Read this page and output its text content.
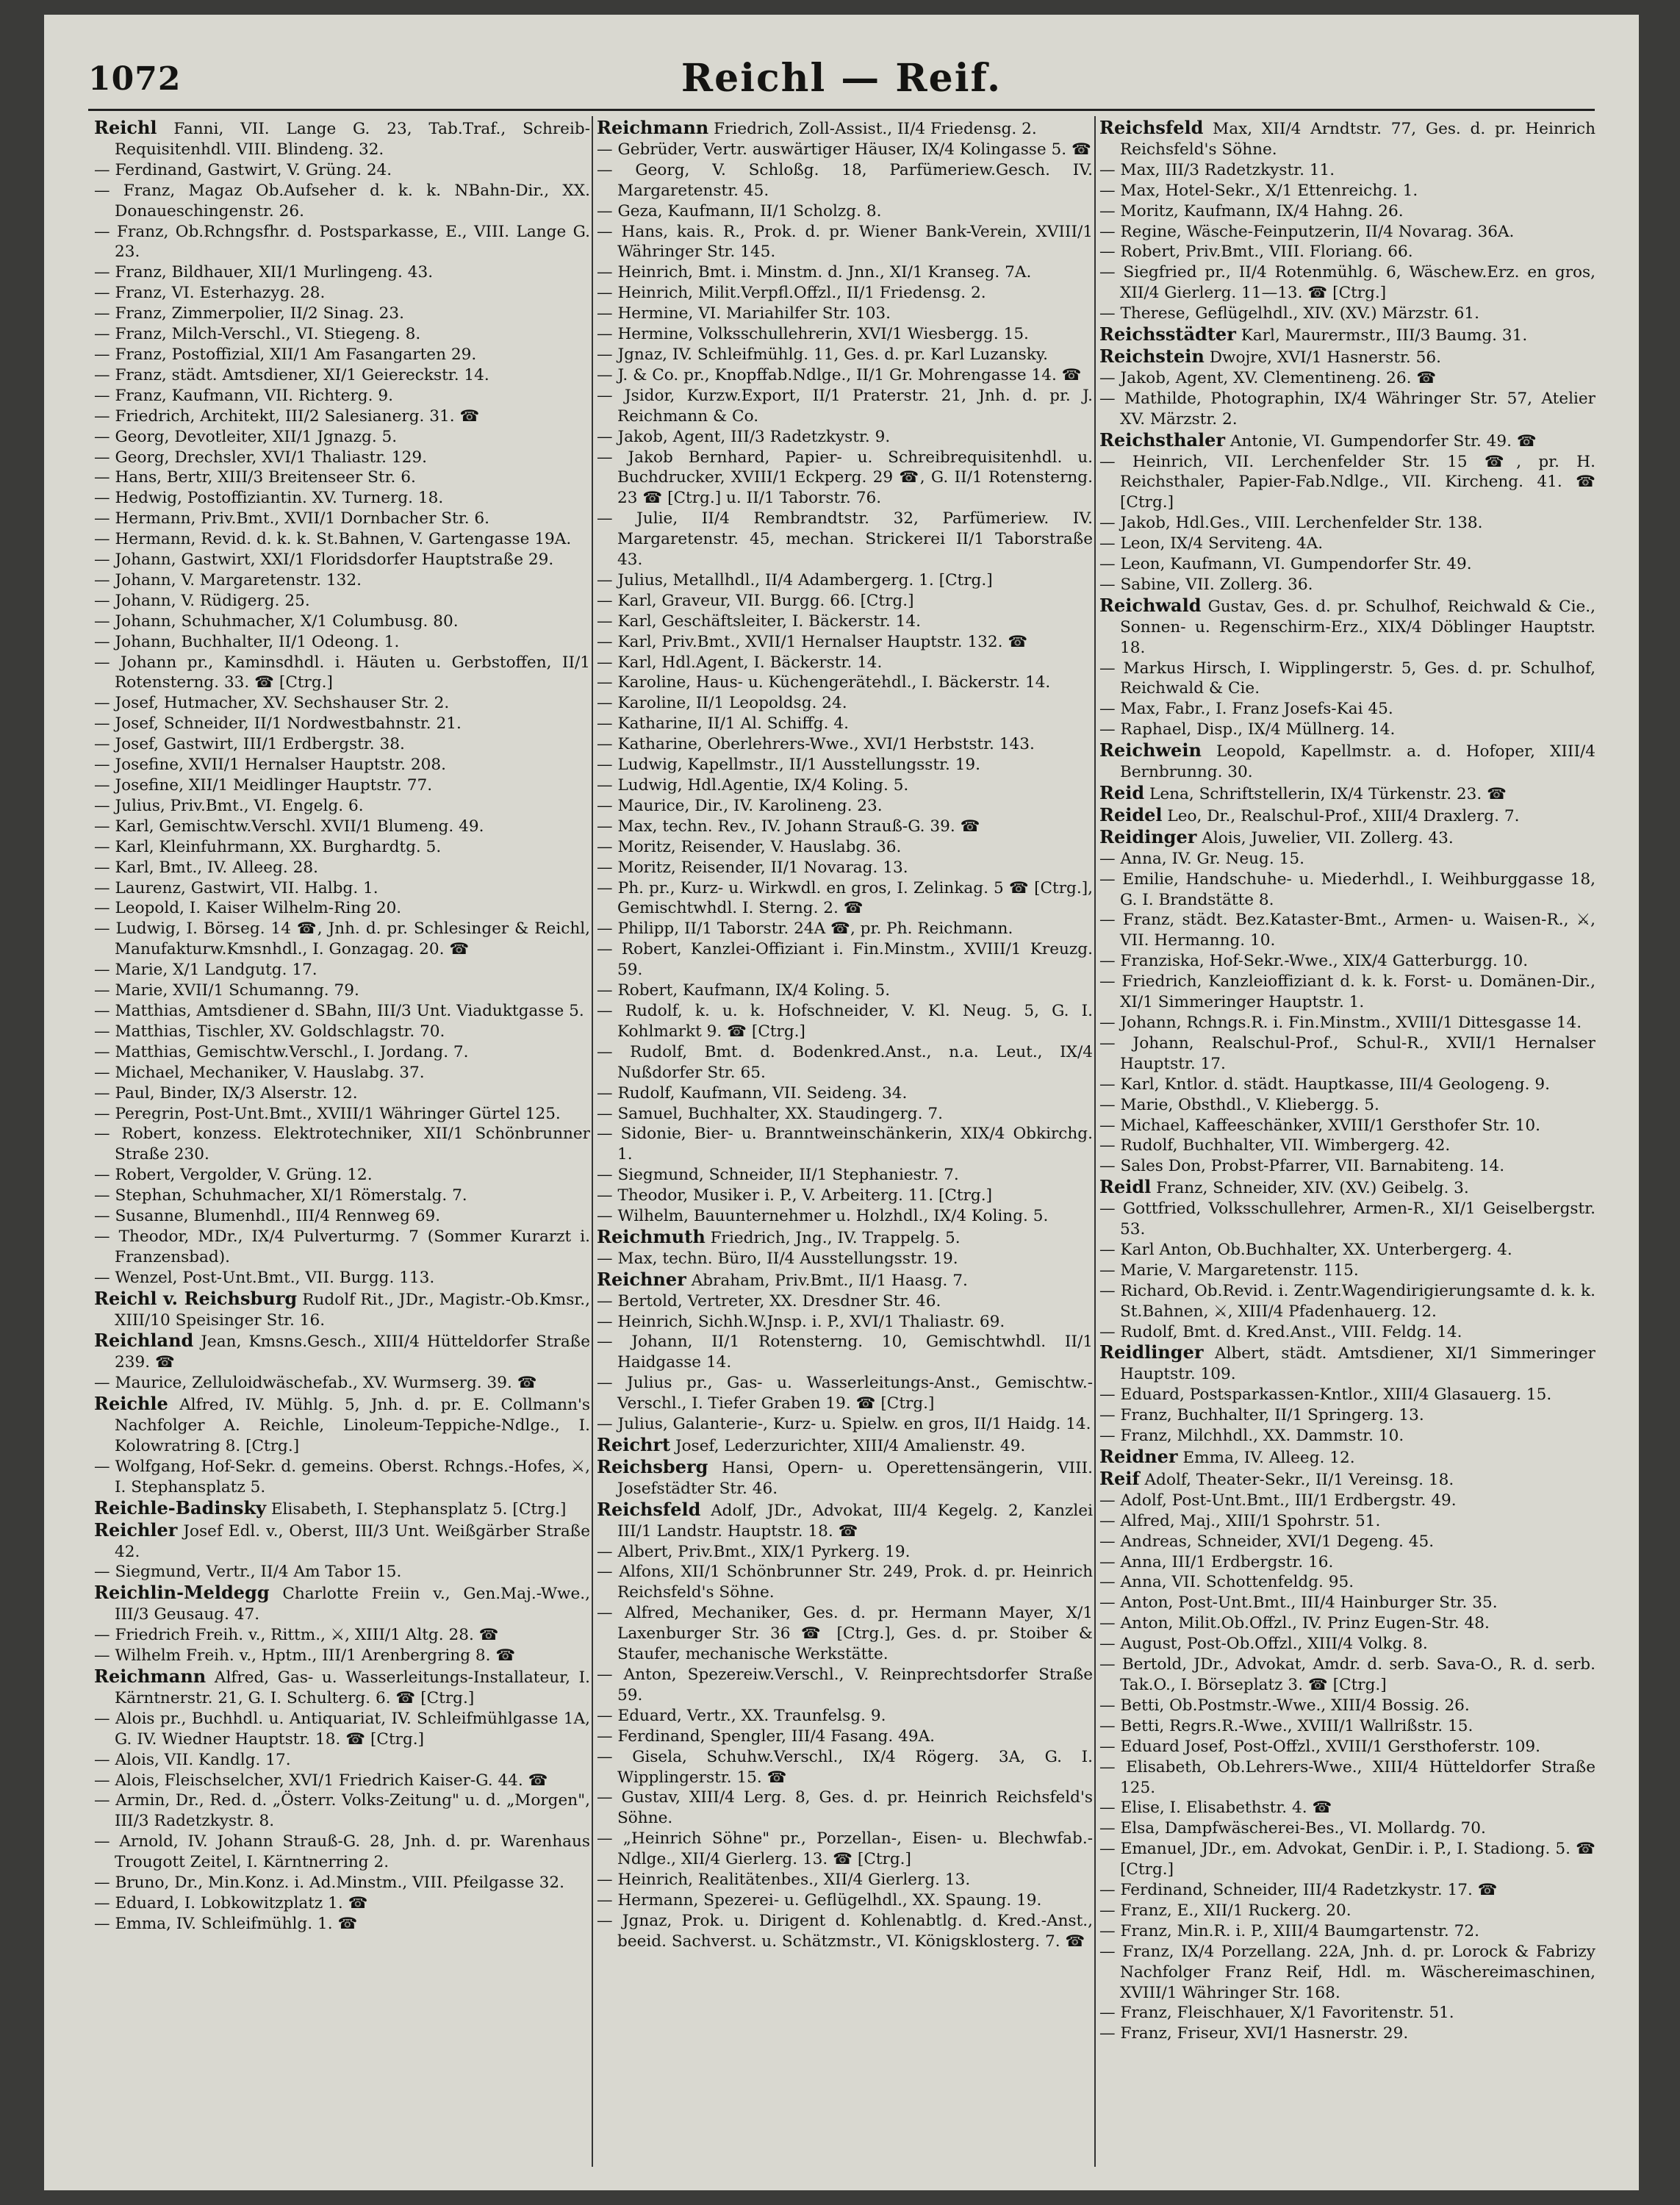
1072	Reichl — Reif.

Reichl Fanni, VII. Lange G. 23, Tab.Traf., Schreib-Requisitenhdl. VIII. Blindeng. 32.

— Ferdinand, Gastwirt, V. Grüng. 24.

— Franz, Magaz Ob.Aufseher d. k. k. NBahn-Dir., XX. Donaueschingenstr. 26.

— Franz, Ob.Rchngsfhr. d. Postsparkasse, E., VIII. Lange G. 23.

— Franz, Bildhauer, XII/1 Murlingeng. 43.

— Franz, VI. Esterhazyg. 28.

— Franz, Zimmerpolier, II/2 Sinag. 23.

— Franz, Milch-Verschl., VI. Stiegeng. 8.

— Franz, Postoffizial, XII/1 Am Fasangarten 29.

— Franz, städt. Amtsdiener, XI/1 Geiereckstr. 14.

— Franz, Kaufmann, VII. Richterg. 9.

— Friedrich, Architekt, III/2 Salesianerg. 31. ☎

— Georg, Devotleiter, XII/1 Jgnazg. 5.

— Georg, Drechsler, XVI/1 Thaliastr. 129.

— Hans, Bertr, XIII/3 Breitenseer Str. 6.

— Hedwig, Postoffiziantin. XV. Turnerg. 18.

— Hermann, Priv.Bmt., XVII/1 Dornbacher Str. 6.

— Hermann, Revid. d. k. k. St.Bahnen, V. Gartengasse 19A.

— Johann, Gastwirt, XXI/1 Floridsdorfer Hauptstraße 29.

— Johann, V. Margaretenstr. 132.

— Johann, V. Rüdigerg. 25.

— Johann, Schuhmacher, X/1 Columbusg. 80.

— Johann, Buchhalter, II/1 Odeong. 1.

— Johann pr., Kaminsdhdl. i. Häuten u. Gerbstoffen, II/1 Rotensterng. 33. ☎ [Ctrg.]

— Josef, Hutmacher, XV. Sechshauser Str. 2.

— Josef, Schneider, II/1 Nordwestbahnstr. 21.

— Josef, Gastwirt, III/1 Erdbergstr. 38.

— Josefine, XVII/1 Hernalser Hauptstr. 208.

— Josefine, XII/1 Meidlinger Hauptstr. 77.

— Julius, Priv.Bmt., VI. Engelg. 6.

— Karl, Gemischtw.Verschl. XVII/1 Blumeng. 49.

— Karl, Kleinfuhrmann, XX. Burghardtg. 5.

— Karl, Bmt., IV. Alleeg. 28.

— Laurenz, Gastwirt, VII. Halbg. 1.

— Leopold, I. Kaiser Wilhelm-Ring 20.

— Ludwig, I. Börseg. 14 ☎, Jnh. d. pr. Schlesinger & Reichl, Manufakturw.Kmsnhdl., I. Gonzagag. 20. ☎

— Marie, X/1 Landgutg. 17.

— Marie, XVII/1 Schumanng. 79.

— Matthias, Amtsdiener d. SBahn, III/3 Unt. Viaduktgasse 5.

— Matthias, Tischler, XV. Goldschlagstr. 70.

— Matthias, Gemischtw.Verschl., I. Jordang. 7.

— Michael, Mechaniker, V. Hauslabg. 37.

— Paul, Binder, IX/3 Alserstr. 12.

— Peregrin, Post-Unt.Bmt., XVIII/1 Währinger Gürtel 125.

— Robert, konzess. Elektrotechniker, XII/1 Schönbrunner Straße 230.

— Robert, Vergolder, V. Grüng. 12.

— Stephan, Schuhmacher, XI/1 Römerstalg. 7.

— Susanne, Blumenhdl., III/4 Rennweg 69.

— Theodor, MDr., IX/4 Pulverturmg. 7 (Sommer Kurarzt i. Franzensbad).

— Wenzel, Post-Unt.Bmt., VII. Burgg. 113.

Reichl v. Reichsburg Rudolf Rit., JDr., Magistr.-Ob.Kmsr., XIII/10 Speisinger Str. 16.

Reichland Jean, Kmsns.Gesch., XIII/4 Hütteldorfer Straße 239. ☎

— Maurice, Zelluloidwäschefab., XV. Wurmserg. 39. ☎

Reichle Alfred, IV. Mühlg. 5, Jnh. d. pr. E. Collmann's Nachfolger A. Reichle, Linoleum-Teppiche-Ndlge., I. Kolowratring 8. [Ctrg.]

— Wolfgang, Hof-Sekr. d. gemeins. Oberst. Rchngs.-Hofes, ⚔, I. Stephansplatz 5.

Reichle-Badinsky Elisabeth, I. Stephansplatz 5. [Ctrg.]

Reichler Josef Edl. v., Oberst, III/3 Unt. Weißgärber Straße 42.

— Siegmund, Vertr., II/4 Am Tabor 15.

Reichlin-Meldegg Charlotte Freiin v., Gen.Maj.-Wwe., III/3 Geusaug. 47.

— Friedrich Freih. v., Rittm., ⚔, XIII/1 Altg. 28. ☎

— Wilhelm Freih. v., Hptm., III/1 Arenbergring 8. ☎

Reichmann Alfred, Gas- u. Wasserleitungs-Installateur, I. Kärntnerstr. 21, G. I. Schulterg. 6. ☎ [Ctrg.]

— Alois pr., Buchhdl. u. Antiquariat, IV. Schleifmühlgasse 1A, G. IV. Wiedner Hauptstr. 18. ☎ [Ctrg.]

— Alois, VII. Kandlg. 17.

— Alois, Fleischselcher, XVI/1 Friedrich Kaiser-G. 44. ☎

— Armin, Dr., Red. d. „Österr. Volks-Zeitung" u. d. „Morgen", III/3 Radetzkystr. 8.

— Arnold, IV. Johann Strauß-G. 28, Jnh. d. pr. Warenhaus Trougott Zeitel, I. Kärntnerring 2.

— Bruno, Dr., Min.Konz. i. Ad.Minstm., VIII. Pfeilgasse 32.

— Eduard, I. Lobkowitzplatz 1. ☎

— Emma, IV. Schleifmühlg. 1. ☎

Reichmann Friedrich, Zoll-Assist., II/4 Friedensg. 2.

— Gebrüder, Vertr. auswärtiger Häuser, IX/4 Kolingasse 5. ☎

— Georg, V. Schloßg. 18, Parfümeriew.Gesch. IV. Margaretenstr. 45.

— Geza, Kaufmann, II/1 Scholzg. 8.

— Hans, kais. R., Prok. d. pr. Wiener Bank-Verein, XVIII/1 Währinger Str. 145.

— Heinrich, Bmt. i. Minstm. d. Jnn., XI/1 Kranseg. 7A.

— Heinrich, Milit.Verpfl.Offzl., II/1 Friedensg. 2.

— Hermine, VI. Mariahilfer Str. 103.

— Hermine, Volksschullehrerin, XVI/1 Wiesbergg. 15.

— Jgnaz, IV. Schleifmühlg. 11, Ges. d. pr. Karl Luzansky.

— J. & Co. pr., Knopffab.Ndlge., II/1 Gr. Mohrengasse 14. ☎

— Jsidor, Kurzw.Export, II/1 Praterstr. 21, Jnh. d. pr. J. Reichmann & Co.

— Jakob, Agent, III/3 Radetzkystr. 9.

— Jakob Bernhard, Papier- u. Schreibrequisitenhdl. u. Buchdrucker, XVIII/1 Eckperg. 29 ☎, G. II/1 Rotensterng. 23 ☎ [Ctrg.] u. II/1 Taborstr. 76.

— Julie, II/4 Rembrandtstr. 32, Parfümeriew. IV. Margaretenstr. 45, mechan. Strickerei II/1 Taborstraße 43.

— Julius, Metallhdl., II/4 Adambergerg. 1. [Ctrg.]

— Karl, Graveur, VII. Burgg. 66. [Ctrg.]

— Karl, Geschäftsleiter, I. Bäckerstr. 14.

— Karl, Priv.Bmt., XVII/1 Hernalser Hauptstr. 132. ☎

— Karl, Hdl.Agent, I. Bäckerstr. 14.

— Karoline, Haus- u. Küchengerätehdl., I. Bäckerstr. 14.

— Karoline, II/1 Leopoldsg. 24.

— Katharine, II/1 Al. Schiffg. 4.

— Katharine, Oberlehrers-Wwe., XVI/1 Herbststr. 143.

— Ludwig, Kapellmstr., II/1 Ausstellungsstr. 19.

— Ludwig, Hdl.Agentie, IX/4 Koling. 5.

— Maurice, Dir., IV. Karolineng. 23.

— Max, techn. Rev., IV. Johann Strauß-G. 39. ☎

— Moritz, Reisender, V. Hauslabg. 36.

— Moritz, Reisender, II/1 Novarag. 13.

— Ph. pr., Kurz- u. Wirkwdl. en gros, I. Zelinkag. 5 ☎ [Ctrg.], Gemischtwhdl. I. Sterng. 2. ☎

— Philipp, II/1 Taborstr. 24A ☎, pr. Ph. Reichmann.

— Robert, Kanzlei-Offiziant i. Fin.Minstm., XVIII/1 Kreuzg. 59.

— Robert, Kaufmann, IX/4 Koling. 5.

— Rudolf, k. u. k. Hofschneider, V. Kl. Neug. 5, G. I. Kohlmarkt 9. ☎ [Ctrg.]

— Rudolf, Bmt. d. Bodenkred.Anst., n.a. Leut., IX/4 Nußdorfer Str. 65.

— Rudolf, Kaufmann, VII. Seideng. 34.

— Samuel, Buchhalter, XX. Staudingerg. 7.

— Sidonie, Bier- u. Branntweinschänkerin, XIX/4 Obkirchg. 1.

— Siegmund, Schneider, II/1 Stephaniestr. 7.

— Theodor, Musiker i. P., V. Arbeiterg. 11. [Ctrg.]

— Wilhelm, Bauunternehmer u. Holzhdl., IX/4 Koling. 5.

Reichmuth Friedrich, Jng., IV. Trappelg. 5.

— Max, techn. Büro, II/4 Ausstellungsstr. 19.

Reichner Abraham, Priv.Bmt., II/1 Haasg. 7.

— Bertold, Vertreter, XX. Dresdner Str. 46.

— Heinrich, Sichh.W.Jnsp. i. P., XVI/1 Thaliastr. 69.

— Johann, II/1 Rotensterng. 10, Gemischtwhdl. II/1 Haidgasse 14.

— Julius pr., Gas- u. Wasserleitungs-Anst., Gemischtw.-Verschl., I. Tiefer Graben 19. ☎ [Ctrg.]

— Julius, Galanterie-, Kurz- u. Spielw. en gros, II/1 Haidg. 14.

Reichrt Josef, Lederzurichter, XIII/4 Amalienstr. 49.

Reichsberg Hansi, Opern- u. Operettensängerin, VIII. Josefstädter Str. 46.

Reichsfeld Adolf, JDr., Advokat, III/4 Kegelg. 2, Kanzlei III/1 Landstr. Hauptstr. 18. ☎

— Albert, Priv.Bmt., XIX/1 Pyrkerg. 19.

— Alfons, XII/1 Schönbrunner Str. 249, Prok. d. pr. Heinrich Reichsfeld's Söhne.

— Alfred, Mechaniker, Ges. d. pr. Hermann Mayer, X/1 Laxenburger Str. 36 ☎ [Ctrg.], Ges. d. pr. Stoiber & Staufer, mechanische Werkstätte.

— Anton, Spezereiw.Verschl., V. Reinprechtsdorfer Straße 59.

— Eduard, Vertr., XX. Traunfelsg. 9.

— Ferdinand, Spengler, III/4 Fasang. 49A.

— Gisela, Schuhw.Verschl., IX/4 Rögerg. 3A, G. I. Wipplingerstr. 15. ☎

— Gustav, XIII/4 Lerg. 8, Ges. d. pr. Heinrich Reichsfeld's Söhne.

— „Heinrich Söhne" pr., Porzellan-, Eisen- u. Blechwfab.-Ndlge., XII/4 Gierlerg. 13. ☎ [Ctrg.]

— Heinrich, Realitätenbes., XII/4 Gierlerg. 13.

— Hermann, Spezerei- u. Geflügelhdl., XX. Spaung. 19.

— Jgnaz, Prok. u. Dirigent d. Kohlenabtlg. d. Kred.-Anst., beeid. Sachverst. u. Schätzmstr., VI. Königsklosterg. 7. ☎

Reichsfeld Max, XII/4 Arndtstr. 77, Ges. d. pr. Heinrich Reichsfeld's Söhne.

— Max, III/3 Radetzkystr. 11.

— Max, Hotel-Sekr., X/1 Ettenreichg. 1.

— Moritz, Kaufmann, IX/4 Hahng. 26.

— Regine, Wäsche-Feinputzerin, II/4 Novarag. 36A.

— Robert, Priv.Bmt., VIII. Floriang. 66.

— Siegfried pr., II/4 Rotenmühlg. 6, Wäschew.Erz. en gros, XII/4 Gierlerg. 11—13. ☎ [Ctrg.]

— Therese, Geflügelhdl., XIV. (XV.) Märzstr. 61.

Reichsstädter Karl, Maurermstr., III/3 Baumg. 31.

Reichstein Dwojre, XVI/1 Hasnerstr. 56.

— Jakob, Agent, XV. Clementineng. 26. ☎

— Mathilde, Photographin, IX/4 Währinger Str. 57, Atelier XV. Märzstr. 2.

Reichsthaler Antonie, VI. Gumpendorfer Str. 49. ☎

— Heinrich, VII. Lerchenfelder Str. 15 ☎, pr. H. Reichsthaler, Papier-Fab.Ndlge., VII. Kircheng. 41. ☎ [Ctrg.]

— Jakob, Hdl.Ges., VIII. Lerchenfelder Str. 138.

— Leon, IX/4 Serviteng. 4A.

— Leon, Kaufmann, VI. Gumpendorfer Str. 49.

— Sabine, VII. Zollerg. 36.

Reichwald Gustav, Ges. d. pr. Schulhof, Reichwald & Cie., Sonnen- u. Regenschirm-Erz., XIX/4 Döblinger Hauptstr. 18.

— Markus Hirsch, I. Wipplingerstr. 5, Ges. d. pr. Schulhof, Reichwald & Cie.

— Max, Fabr., I. Franz Josefs-Kai 45.

— Raphael, Disp., IX/4 Müllnerg. 14.

Reichwein Leopold, Kapellmstr. a. d. Hofoper, XIII/4 Bernbrunng. 30.

Reid Lena, Schriftstellerin, IX/4 Türkenstr. 23. ☎

Reidel Leo, Dr., Realschul-Prof., XIII/4 Draxlerg. 7.

Reidinger Alois, Juwelier, VII. Zollerg. 43.

— Anna, IV. Gr. Neug. 15.

— Emilie, Handschuhe- u. Miederhdl., I. Weihburggasse 18, G. I. Brandstätte 8.

— Franz, städt. Bez.Kataster-Bmt., Armen- u. Waisen-R., ⚔, VII. Hermanng. 10.

— Franziska, Hof-Sekr.-Wwe., XIX/4 Gatterburgg. 10.

— Friedrich, Kanzleioffiziant d. k. k. Forst- u. Domänen-Dir., XI/1 Simmeringer Hauptstr. 1.

— Johann, Rchngs.R. i. Fin.Minstm., XVIII/1 Dittesgasse 14.

— Johann, Realschul-Prof., Schul-R., XVII/1 Hernalser Hauptstr. 17.

— Karl, Kntlor. d. städt. Hauptkasse, III/4 Geologeng. 9.

— Marie, Obsthdl., V. Kliebergg. 5.

— Michael, Kaffeeschänker, XVIII/1 Gersthofer Str. 10.

— Rudolf, Buchhalter, VII. Wimbergerg. 42.

— Sales Don, Probst-Pfarrer, VII. Barnabiteng. 14.

Reidl Franz, Schneider, XIV. (XV.) Geibelg. 3.

— Gottfried, Volksschullehrer, Armen-R., XI/1 Geiselbergstr. 53.

— Karl Anton, Ob.Buchhalter, XX. Unterbergerg. 4.

— Marie, V. Margaretenstr. 115.

— Richard, Ob.Revid. i. Zentr.Wagendirigierungsamte d. k. k. St.Bahnen, ⚔, XIII/4 Pfadenhauerg. 12.

— Rudolf, Bmt. d. Kred.Anst., VIII. Feldg. 14.

Reidlinger Albert, städt. Amtsdiener, XI/1 Simmeringer Hauptstr. 109.

— Eduard, Postsparkassen-Kntlor., XIII/4 Glasauerg. 15.

— Franz, Buchhalter, II/1 Springerg. 13.

— Franz, Milchhdl., XX. Dammstr. 10.

Reidner Emma, IV. Alleeg. 12.

Reif Adolf, Theater-Sekr., II/1 Vereinsg. 18.

— Adolf, Post-Unt.Bmt., III/1 Erdbergstr. 49.

— Alfred, Maj., XIII/1 Spohrstr. 51.

— Andreas, Schneider, XVI/1 Degeng. 45.

— Anna, III/1 Erdbergstr. 16.

— Anna, VII. Schottenfeldg. 95.

— Anton, Post-Unt.Bmt., III/4 Hainburger Str. 35.

— Anton, Milit.Ob.Offzl., IV. Prinz Eugen-Str. 48.

— August, Post-Ob.Offzl., XIII/4 Volkg. 8.

— Bertold, JDr., Advokat, Amdr. d. serb. Sava-O., R. d. serb. Tak.O., I. Börseplatz 3. ☎ [Ctrg.]

— Betti, Ob.Postmstr.-Wwe., XIII/4 Bossig. 26.

— Betti, Regrs.R.-Wwe., XVIII/1 Wallrißstr. 15.

— Eduard Josef, Post-Offzl., XVIII/1 Gersthoferstr. 109.

— Elisabeth, Ob.Lehrers-Wwe., XIII/4 Hütteldorfer Straße 125.

— Elise, I. Elisabethstr. 4. ☎

— Elsa, Dampfwäscherei-Bes., VI. Mollardg. 70.

— Emanuel, JDr., em. Advokat, GenDir. i. P., I. Stadiong. 5. ☎ [Ctrg.]

— Ferdinand, Schneider, III/4 Radetzkystr. 17. ☎

— Franz, E., XII/1 Ruckerg. 20.

— Franz, Min.R. i. P., XIII/4 Baumgartenstr. 72.

— Franz, IX/4 Porzellang. 22A, Jnh. d. pr. Lorock & Fabrizy Nachfolger Franz Reif, Hdl. m. Wäschereimaschinen, XVIII/1 Währinger Str. 168.

— Franz, Fleischhauer, X/1 Favoritenstr. 51.

— Franz, Friseur, XVI/1 Hasnerstr. 29.
